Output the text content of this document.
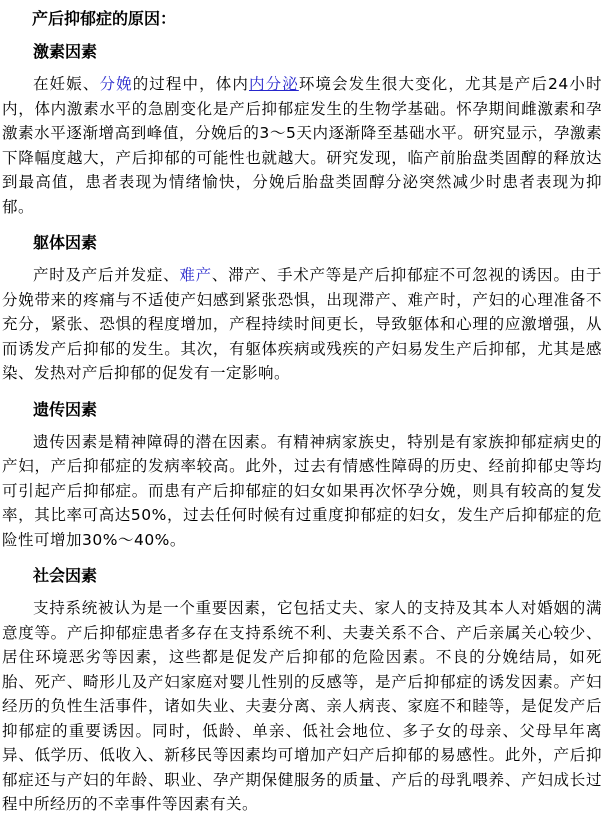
产后抑郁症的原因：

激素因素

在妊娠、分娩的过程中，体内内分泌环境会发生很大变化，尤其是产后24小时内，体内激素水平的急剧变化是产后抑郁症发生的生物学基础。怀孕期间雌激素和孕激素水平逐渐增高到峰值，分娩后的3～5天内逐渐降至基础水平。研究显示，孕激素下降幅度越大，产后抑郁的可能性也就越大。研究发现，临产前胎盘类固醇的释放达到最高值，患者表现为情绪愉快，分娩后胎盘类固醇分泌突然减少时患者表现为抑郁。

躯体因素

产时及产后并发症、难产、滞产、手术产等是产后抑郁症不可忽视的诱因。由于分娩带来的疼痛与不适使产妇感到紧张恐惧，出现滞产、难产时，产妇的心理准备不充分，紧张、恐惧的程度增加，产程持续时间更长，导致躯体和心理的应激增强，从而诱发产后抑郁的发生。其次，有躯体疾病或残疾的产妇易发生产后抑郁，尤其是感染、发热对产后抑郁的促发有一定影响。

遗传因素

遗传因素是精神障碍的潜在因素。有精神病家族史，特别是有家族抑郁症病史的产妇，产后抑郁症的发病率较高。此外，过去有情感性障碍的历史、经前抑郁史等均可引起产后抑郁症。而患有产后抑郁症的妇女如果再次怀孕分娩，则具有较高的复发率，其比率可高达50%，过去任何时候有过重度抑郁症的妇女，发生产后抑郁症的危险性可增加30%～40%。

社会因素

支持系统被认为是一个重要因素，它包括丈夫、家人的支持及其本人对婚姻的满意度等。产后抑郁症患者多存在支持系统不利、夫妻关系不合、产后亲属关心较少、居住环境恶劣等因素，这些都是促发产后抑郁的危险因素。不良的分娩结局，如死胎、死产、畸形儿及产妇家庭对婴儿性别的反感等，是产后抑郁症的诱发因素。产妇经历的负性生活事件，诸如失业、夫妻分离、亲人病丧、家庭不和睦等，是促发产后抑郁症的重要诱因。同时，低龄、单亲、低社会地位、多子女的母亲、父母早年离异、低学历、低收入、新移民等因素均可增加产妇产后抑郁的易感性。此外，产后抑郁症还与产妇的年龄、职业、孕产期保健服务的质量、产后的母乳喂养、产妇成长过程中所经历的不幸事件等因素有关。
